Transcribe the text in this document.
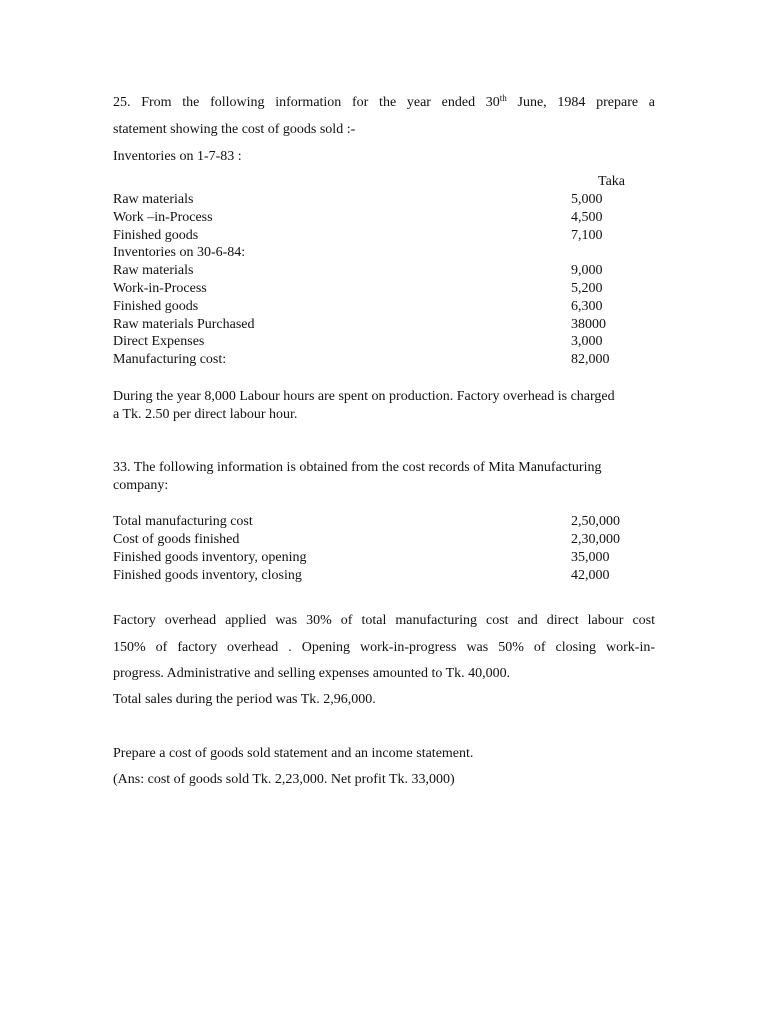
25. From the following information for the year ended 30th June, 1984 prepare a
statement showing the cost of goods sold :-
Inventories on 1-7-83 :
Taka
Raw materials	5,000
Work –in-Process	4,500
Finished goods	7,100
Inventories on 30-6-84:
Raw materials	9,000
Work-in-Process	5,200
Finished goods	6,300
Raw materials Purchased	38000
Direct Expenses	3,000
Manufacturing cost:	82,000
During the year 8,000 Labour hours are spent on production. Factory overhead is charged
a Tk. 2.50 per direct labour hour.
33. The following information is obtained from the cost records of Mita Manufacturing
company:
Total manufacturing cost	2,50,000
Cost of goods finished	2,30,000
Finished goods inventory, opening	35,000
Finished goods inventory, closing	42,000
Factory overhead applied was 30% of total manufacturing cost and direct labour cost
150% of factory overhead . Opening work-in-progress was 50% of closing work-in-
progress. Administrative and selling expenses amounted to Tk. 40,000.
Total sales during the period was Tk. 2,96,000.
Prepare a cost of goods sold statement and an income statement.
(Ans: cost of goods sold Tk. 2,23,000. Net profit Tk. 33,000)
